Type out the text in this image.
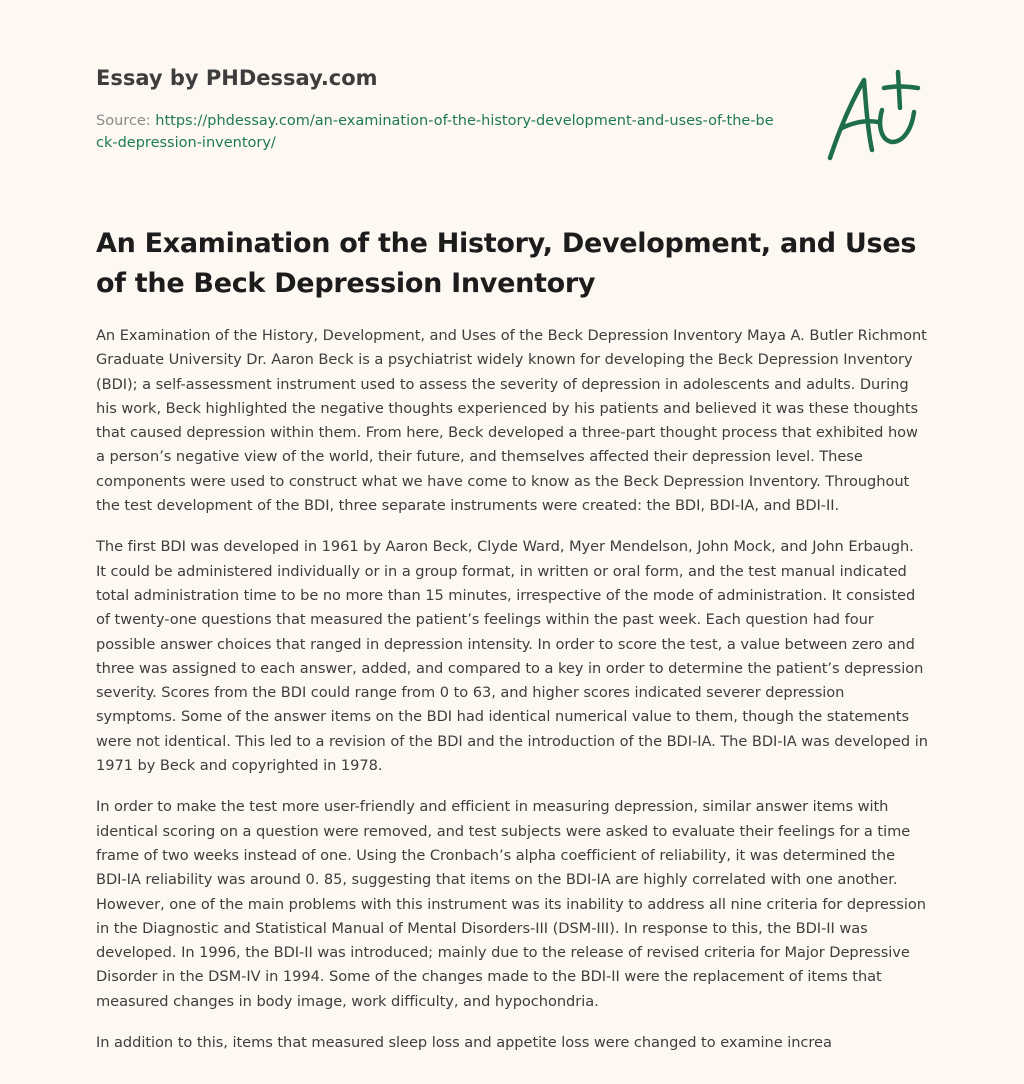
Essay by PHDessay.com
Source: https://phdessay.com/an-examination-of-the-history-development-and-uses-of-the-beck-depression-inventory/
An Examination of the History, Development, and Uses of the Beck Depression Inventory

An Examination of the History, Development, and Uses of the Beck Depression Inventory Maya A. Butler Richmont Graduate University Dr. Aaron Beck is a psychiatrist widely known for developing the Beck Depression Inventory (BDI); a self-assessment instrument used to assess the severity of depression in adolescents and adults. During his work, Beck highlighted the negative thoughts experienced by his patients and believed it was these thoughts that caused depression within them. From here, Beck developed a three-part thought process that exhibited how a person’s negative view of the world, their future, and themselves affected their depression level. These components were used to construct what we have come to know as the Beck Depression Inventory. Throughout the test development of the BDI, three separate instruments were created: the BDI, BDI-IA, and BDI-II.

The first BDI was developed in 1961 by Aaron Beck, Clyde Ward, Myer Mendelson, John Mock, and John Erbaugh. It could be administered individually or in a group format, in written or oral form, and the test manual indicated total administration time to be no more than 15 minutes, irrespective of the mode of administration. It consisted of twenty-one questions that measured the patient’s feelings within the past week. Each question had four possible answer choices that ranged in depression intensity. In order to score the test, a value between zero and three was assigned to each answer, added, and compared to a key in order to determine the patient’s depression severity. Scores from the BDI could range from 0 to 63, and higher scores indicated severer depression symptoms. Some of the answer items on the BDI had identical numerical value to them, though the statements were not identical. This led to a revision of the BDI and the introduction of the BDI-IA. The BDI-IA was developed in 1971 by Beck and copyrighted in 1978.

In order to make the test more user-friendly and efficient in measuring depression, similar answer items with identical scoring on a question were removed, and test subjects were asked to evaluate their feelings for a time frame of two weeks instead of one. Using the Cronbach’s alpha coefficient of reliability, it was determined the BDI-IA reliability was around 0. 85, suggesting that items on the BDI-IA are highly correlated with one another. However, one of the main problems with this instrument was its inability to address all nine criteria for depression in the Diagnostic and Statistical Manual of Mental Disorders-III (DSM-III). In response to this, the BDI-II was developed. In 1996, the BDI-II was introduced; mainly due to the release of revised criteria for Major Depressive Disorder in the DSM-IV in 1994. Some of the changes made to the BDI-II were the replacement of items that measured changes in body image, work difficulty, and hypochondria.

In addition to this, items that measured sleep loss and appetite loss were changed to examine increa
